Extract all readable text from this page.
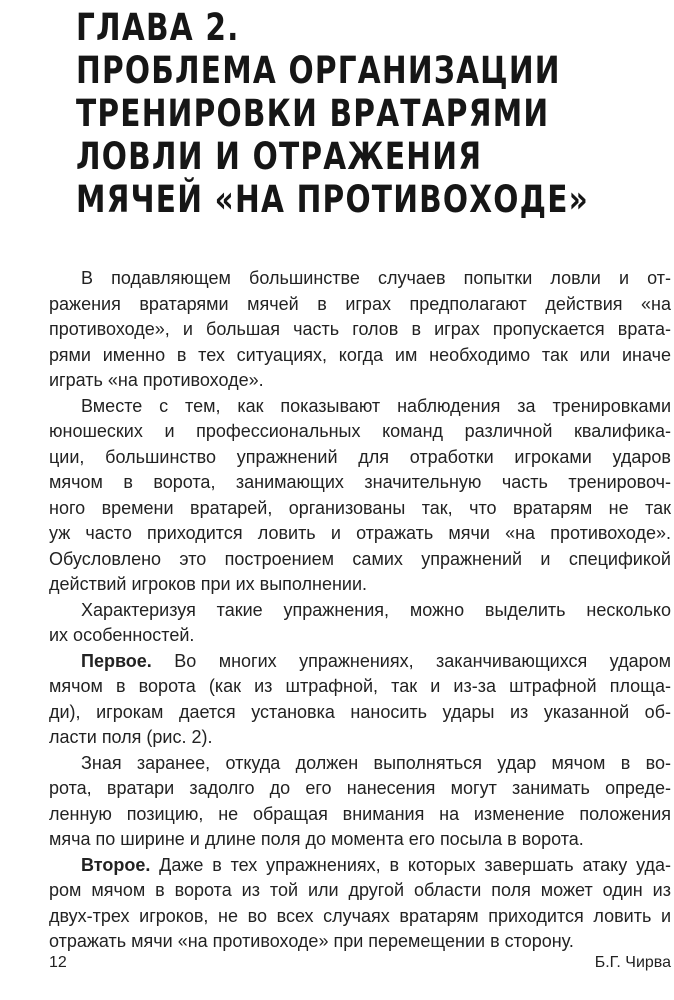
ГЛАВА 2.
ПРОБЛЕМА ОРГАНИЗАЦИИ
ТРЕНИРОВКИ ВРАТАРЯМИ
ЛОВЛИ И ОТРАЖЕНИЯ
МЯЧЕЙ «НА ПРОТИВОХОДЕ»

В подавляющем большинстве случаев попытки ловли и от-
ражения вратарями мячей в играх предполагают действия «на
противоходе», и большая часть голов в играх пропускается врата-
рями именно в тех ситуациях, когда им необходимо так или иначе
играть «на противоходе».

Вместе с тем, как показывают наблюдения за тренировками
юношеских и профессиональных команд различной квалифика-
ции, большинство упражнений для отработки игроками ударов
мячом в ворота, занимающих значительную часть тренировоч-
ного времени вратарей, организованы так, что вратарям не так
уж часто приходится ловить и отражать мячи «на противоходе».
Обусловлено это построением самих упражнений и спецификой
действий игроков при их выполнении.

Характеризуя такие упражнения, можно выделить несколько
их особенностей.

Первое. Во многих упражнениях, заканчивающихся ударом
мячом в ворота (как из штрафной, так и из-за штрафной площа-
ди), игрокам дается установка наносить удары из указанной об-
ласти поля (рис. 2).

Зная заранее, откуда должен выполняться удар мячом в во-
рота, вратари задолго до его нанесения могут занимать опреде-
ленную позицию, не обращая внимания на изменение положения
мяча по ширине и длине поля до момента его посыла в ворота.

Второе. Даже в тех упражнениях, в которых завершать атаку уда-
ром мячом в ворота из той или другой области поля может один из
двух-трех игроков, не во всех случаях вратарям приходится ловить и
отражать мячи «на противоходе» при перемещении в сторону.

12	Б.Г. Чирва
